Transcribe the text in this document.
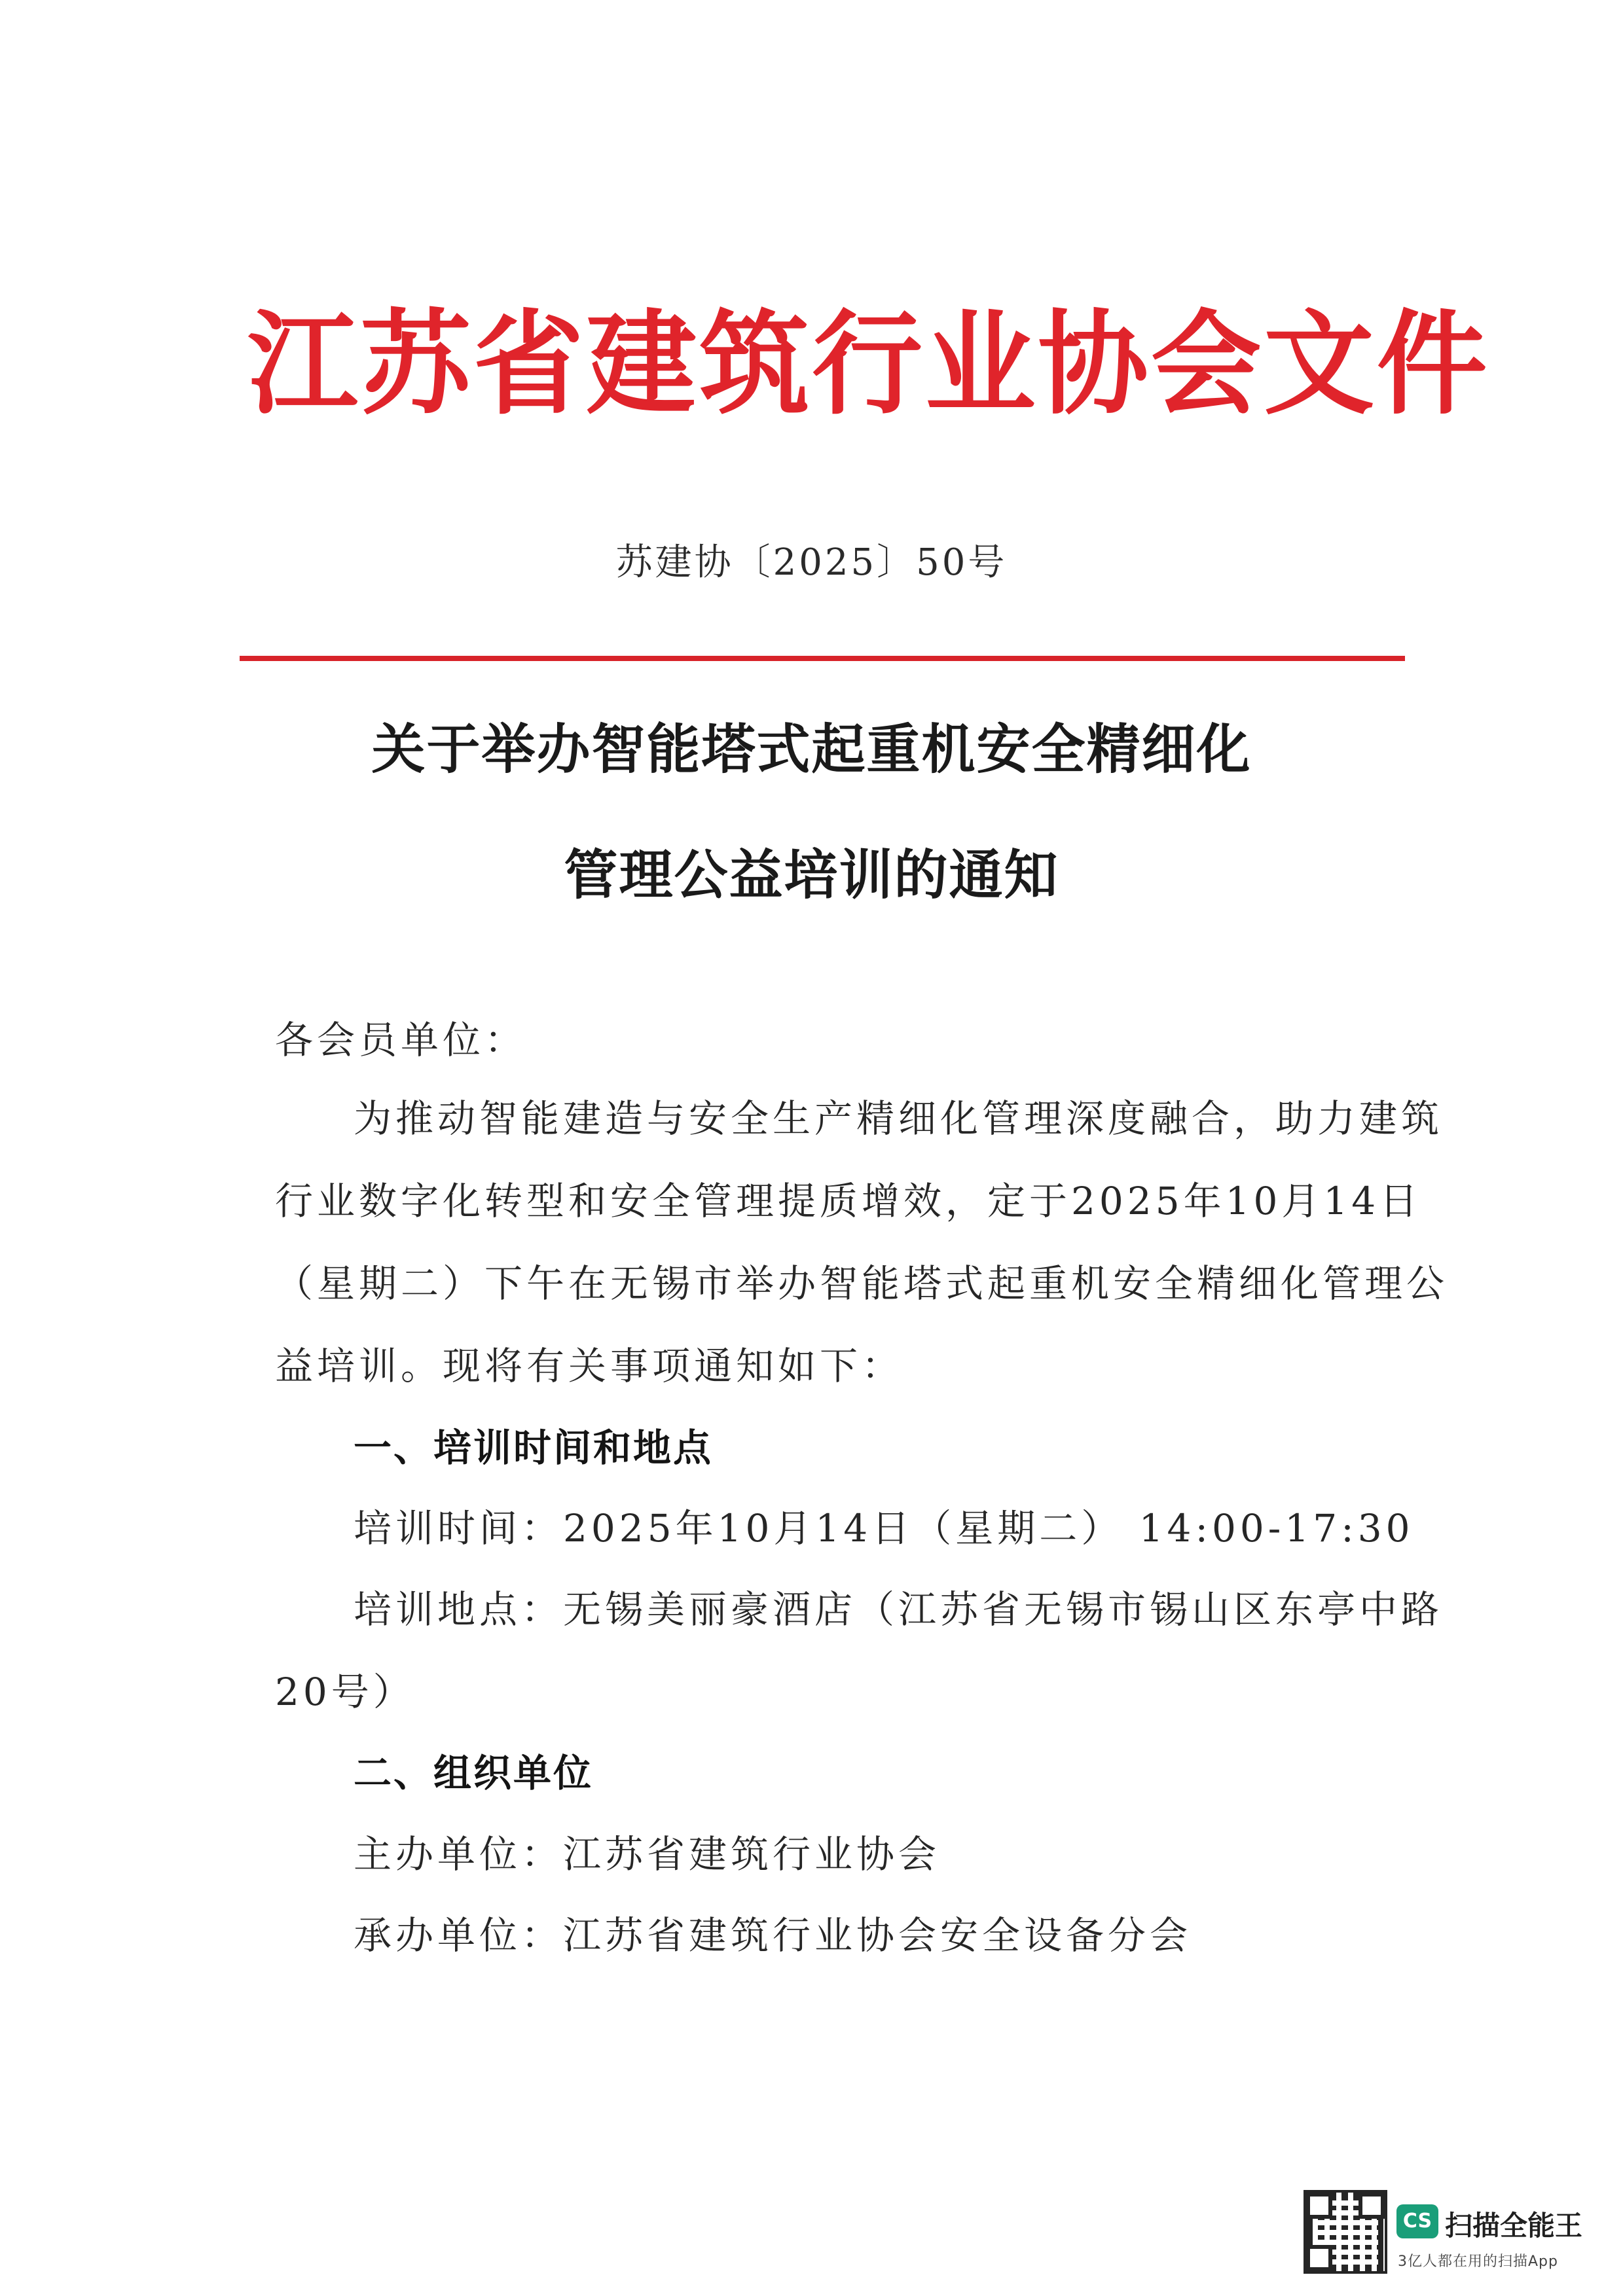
江苏省建筑行业协会文件
苏建协〔2025〕50号
关于举办智能塔式起重机安全精细化
管理公益培训的通知
各会员单位：
为推动智能建造与安全生产精细化管理深度融合，助力建筑
行业数字化转型和安全管理提质增效，定于2025年10月14日
（星期二）下午在无锡市举办智能塔式起重机安全精细化管理公
益培训。现将有关事项通知如下：
一、培训时间和地点
培训时间：2025年10月14日（星期二） 14:00-17:30
培训地点：无锡美丽豪酒店（江苏省无锡市锡山区东亭中路
20号）
二、组织单位
主办单位：江苏省建筑行业协会
承办单位：江苏省建筑行业协会安全设备分会
CS 扫描全能王
3亿人都在用的扫描App
